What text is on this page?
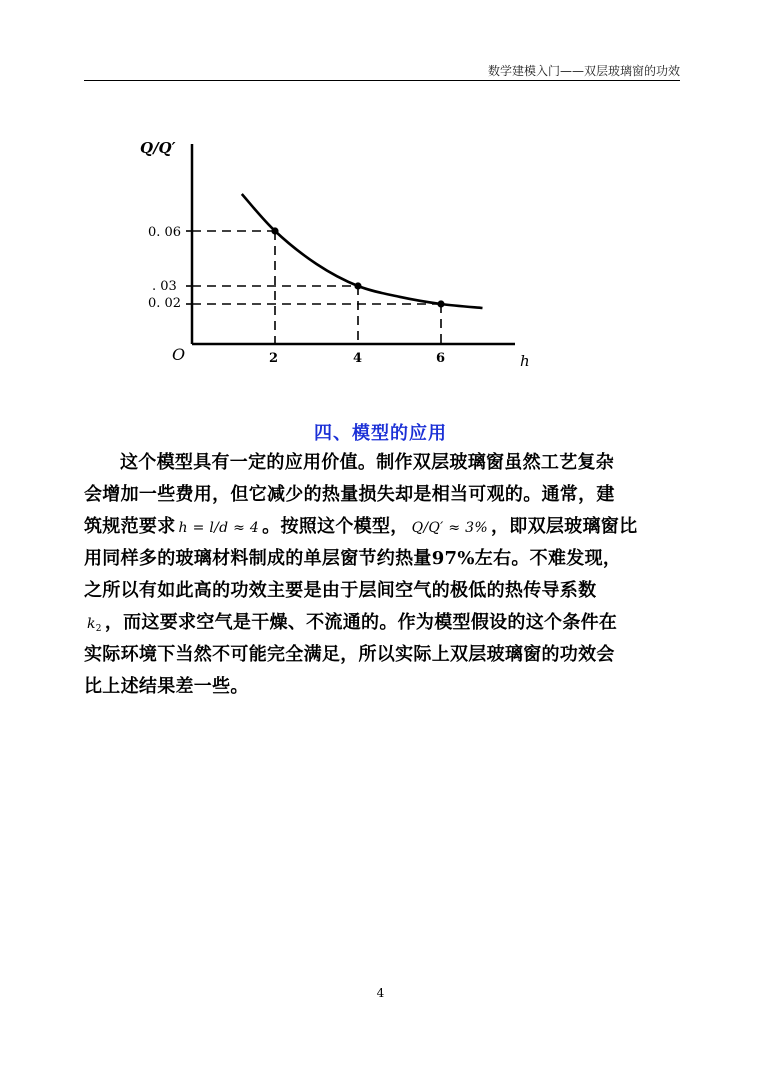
数学建模入门——双层玻璃窗的功效
Q/Q′
h
O	2	4	6
0. 06
. 03
0. 02
四、模型的应用
这个模型具有一定的应用价值。制作双层玻璃窗虽然工艺复杂
会增加一些费用，但它减少的热量损失却是相当可观的。通常，建
筑规范要求 h = l/d ≈ 4 。按照这个模型， Q/Q′ ≈ 3% ，即双层玻璃窗比
用同样多的玻璃材料制成的单层窗节约热量97%左右。不难发现，
之所以有如此高的功效主要是由于层间空气的极低的热传导系数
$k_2$ ，而这要求空气是干燥、不流通的。作为模型假设的这个条件在
实际环境下当然不可能完全满足，所以实际上双层玻璃窗的功效会
比上述结果差一些。
4
